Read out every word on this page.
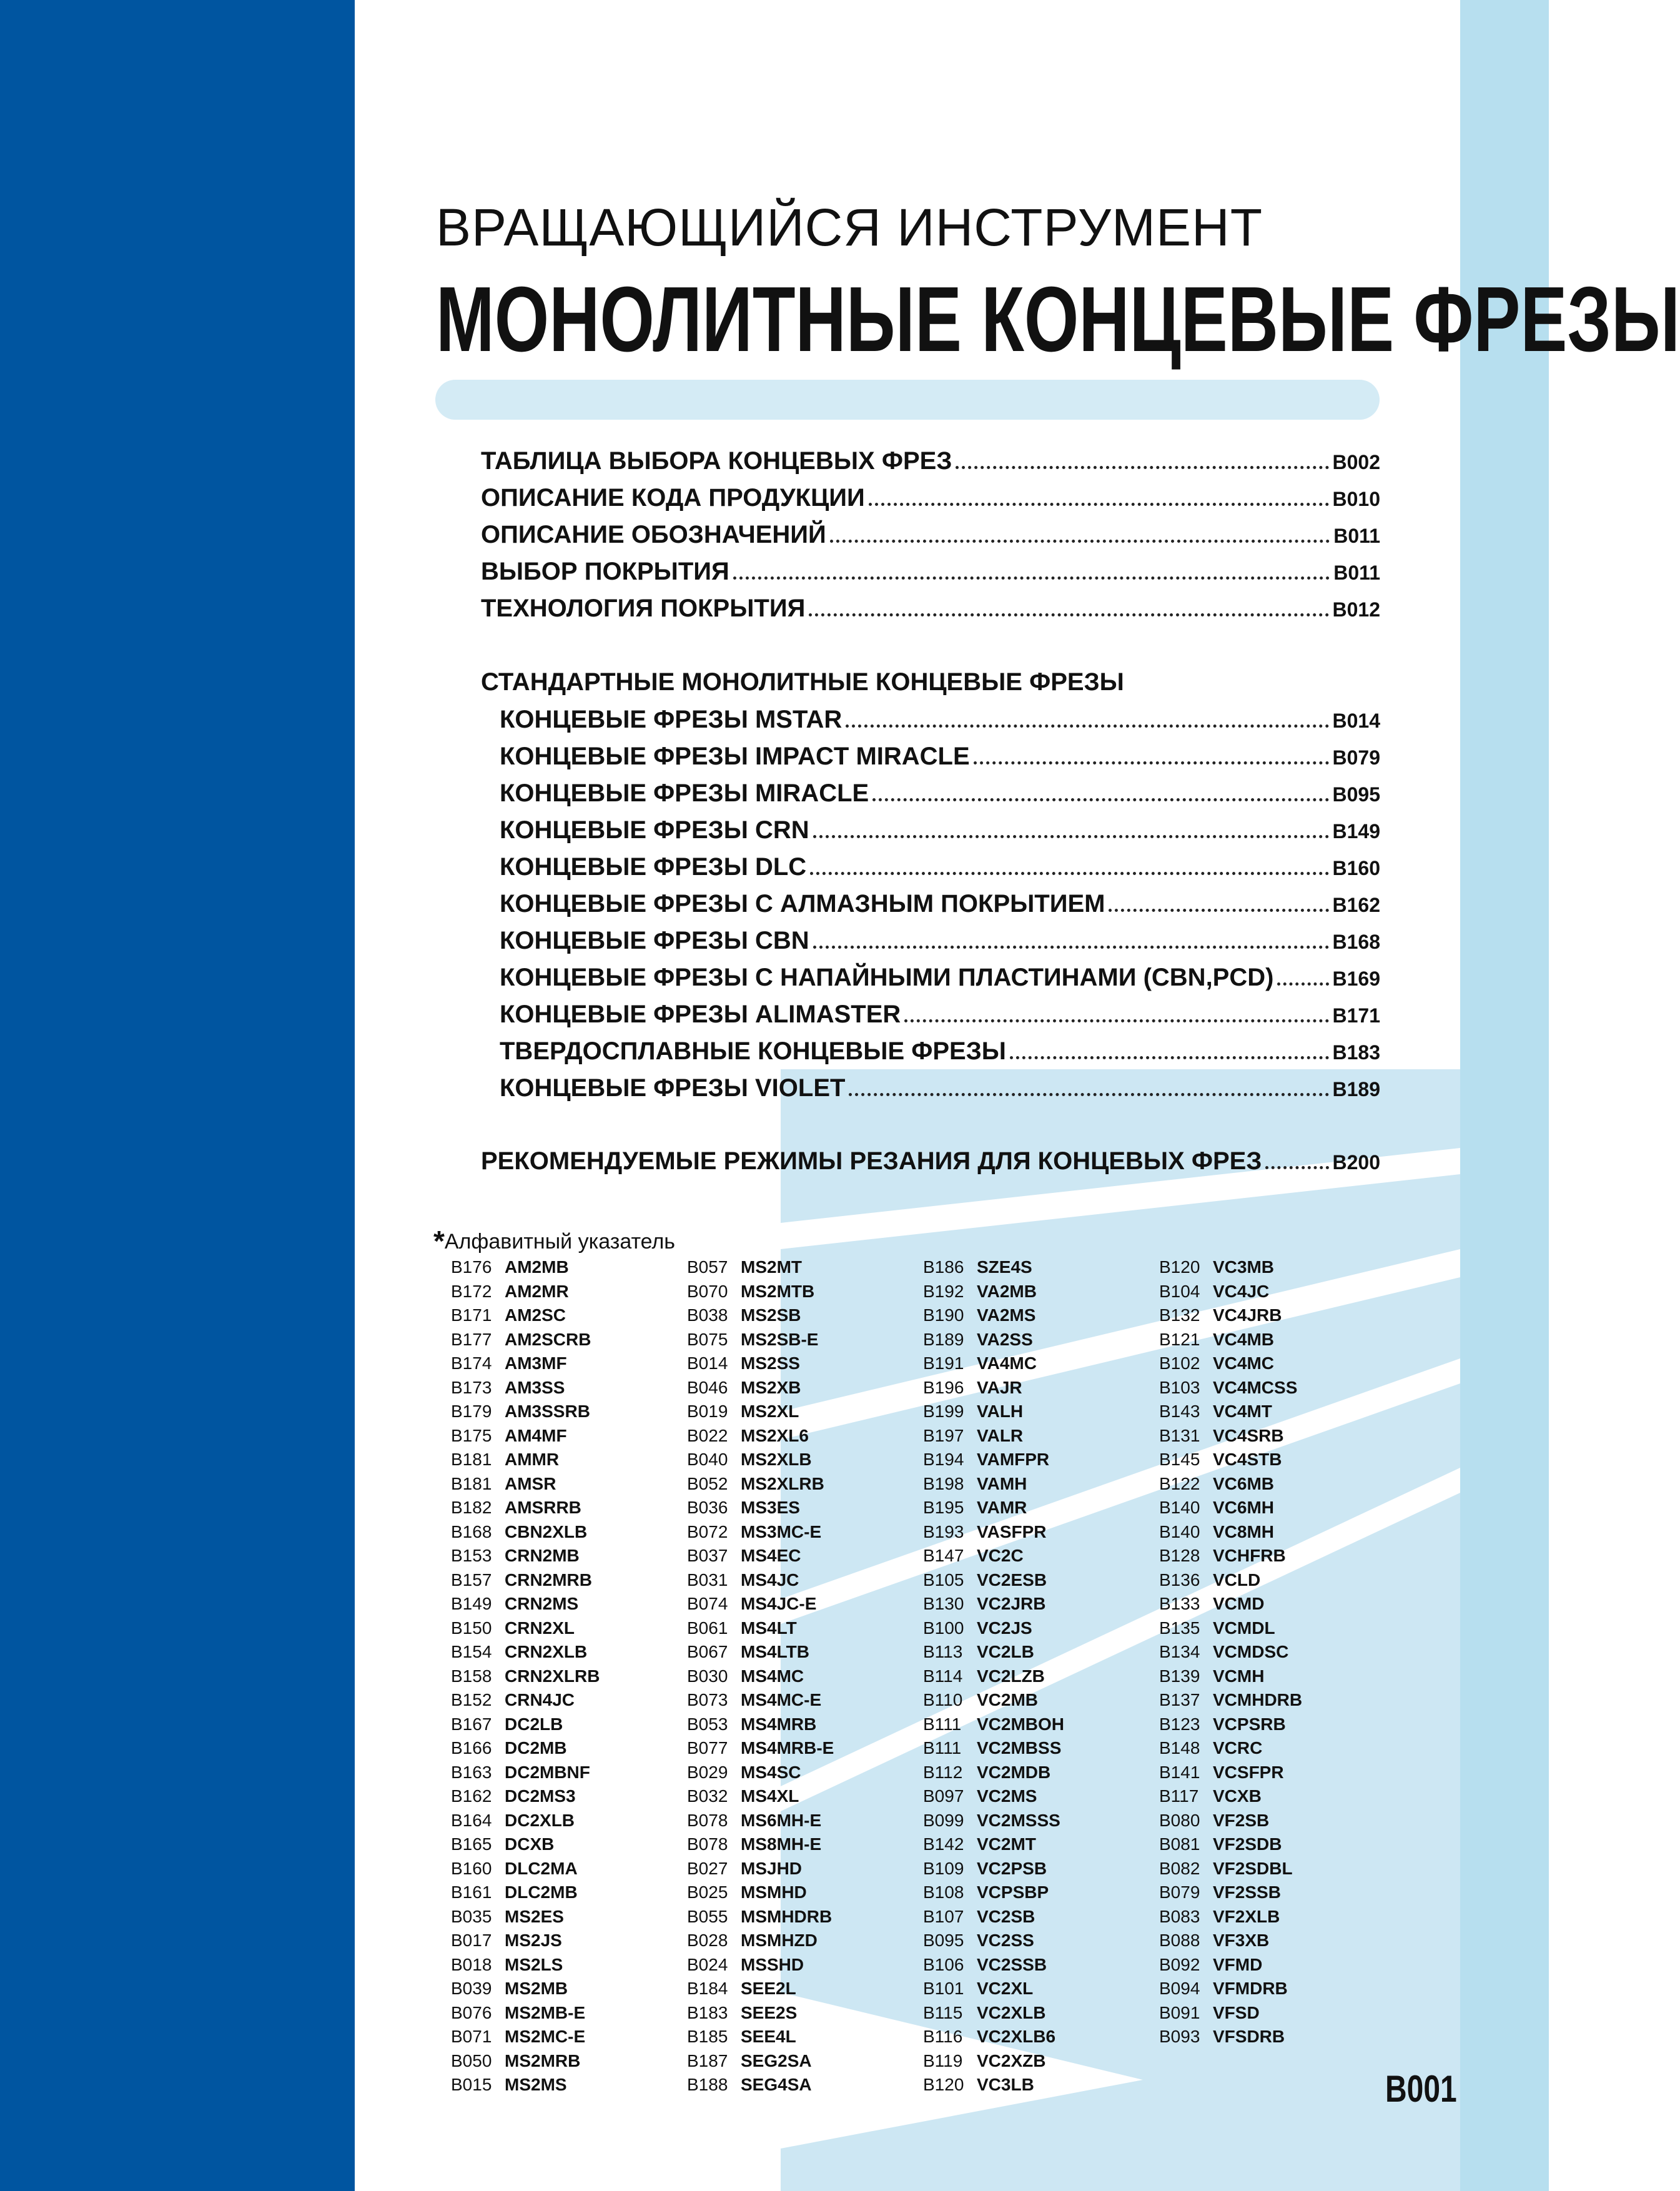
ВРАЩАЮЩИЙСЯ ИНСТРУМЕНТ
МОНОЛИТНЫЕ КОНЦЕВЫЕ ФРЕЗЫ
ТАБЛИЦА ВЫБОРА КОНЦЕВЫХ ФРЕЗ	B002
ОПИСАНИЕ КОДА ПРОДУКЦИИ	B010
ОПИСАНИЕ ОБОЗНАЧЕНИЙ	B011
ВЫБОР ПОКРЫТИЯ	B011
ТЕХНОЛОГИЯ ПОКРЫТИЯ	B012
СТАНДАРТНЫЕ МОНОЛИТНЫЕ КОНЦЕВЫЕ ФРЕЗЫ
КОНЦЕВЫЕ ФРЕЗЫ MSTAR	B014
КОНЦЕВЫЕ ФРЕЗЫ IMPACT MIRACLE	B079
КОНЦЕВЫЕ ФРЕЗЫ MIRACLE	B095
КОНЦЕВЫЕ ФРЕЗЫ CRN	B149
КОНЦЕВЫЕ ФРЕЗЫ DLC	B160
КОНЦЕВЫЕ ФРЕЗЫ С АЛМАЗНЫМ ПОКРЫТИЕМ	B162
КОНЦЕВЫЕ ФРЕЗЫ CBN	B168
КОНЦЕВЫЕ ФРЕЗЫ С НАПАЙНЫМИ ПЛАСТИНАМИ (CBN,PCD)	B169
КОНЦЕВЫЕ ФРЕЗЫ ALIMASTER	B171
ТВЕРДОСПЛАВНЫЕ КОНЦЕВЫЕ ФРЕЗЫ	B183
КОНЦЕВЫЕ ФРЕЗЫ VIOLET	B189
РЕКОМЕНДУЕМЫЕ РЕЖИМЫ РЕЗАНИЯ ДЛЯ КОНЦЕВЫХ ФРЕЗ	B200
*Алфавитный указатель
B176 AM2MB
B172 AM2MR
B171 AM2SC
B177 AM2SCRB
B174 AM3MF
B173 AM3SS
B179 AM3SSRB
B175 AM4MF
B181 AMMR
B181 AMSR
B182 AMSRRB
B168 CBN2XLB
B153 CRN2MB
B157 CRN2MRB
B149 CRN2MS
B150 CRN2XL
B154 CRN2XLB
B158 CRN2XLRB
B152 CRN4JC
B167 DC2LB
B166 DC2MB
B163 DC2MBNF
B162 DC2MS3
B164 DC2XLB
B165 DCXB
B160 DLC2MA
B161 DLC2MB
B035 MS2ES
B017 MS2JS
B018 MS2LS
B039 MS2MB
B076 MS2MB-E
B071 MS2MC-E
B050 MS2MRB
B015 MS2MS
B057 MS2MT
B070 MS2MTB
B038 MS2SB
B075 MS2SB-E
B014 MS2SS
B046 MS2XB
B019 MS2XL
B022 MS2XL6
B040 MS2XLB
B052 MS2XLRB
B036 MS3ES
B072 MS3MC-E
B037 MS4EC
B031 MS4JC
B074 MS4JC-E
B061 MS4LT
B067 MS4LTB
B030 MS4MC
B073 MS4MC-E
B053 MS4MRB
B077 MS4MRB-E
B029 MS4SC
B032 MS4XL
B078 MS6MH-E
B078 MS8MH-E
B027 MSJHD
B025 MSMHD
B055 MSMHDRB
B028 MSMHZD
B024 MSSHD
B184 SEE2L
B183 SEE2S
B185 SEE4L
B187 SEG2SA
B188 SEG4SA
B186 SZE4S
B192 VA2MB
B190 VA2MS
B189 VA2SS
B191 VA4MC
B196 VAJR
B199 VALH
B197 VALR
B194 VAMFPR
B198 VAMH
B195 VAMR
B193 VASFPR
B147 VC2C
B105 VC2ESB
B130 VC2JRB
B100 VC2JS
B113 VC2LB
B114 VC2LZB
B110 VC2MB
B111 VC2MBOH
B111 VC2MBSS
B112 VC2MDB
B097 VC2MS
B099 VC2MSSS
B142 VC2MT
B109 VC2PSB
B108 VCPSBP
B107 VC2SB
B095 VC2SS
B106 VC2SSB
B101 VC2XL
B115 VC2XLB
B116 VC2XLB6
B119 VC2XZB
B120 VC3LB
B120 VC3MB
B104 VC4JC
B132 VC4JRB
B121 VC4MB
B102 VC4MC
B103 VC4MCSS
B143 VC4MT
B131 VC4SRB
B145 VC4STB
B122 VC6MB
B140 VC6MH
B140 VC8MH
B128 VCHFRB
B136 VCLD
B133 VCMD
B135 VCMDL
B134 VCMDSC
B139 VCMH
B137 VCMHDRB
B123 VCPSRB
B148 VCRC
B141 VCSFPR
B117 VCXB
B080 VF2SB
B081 VF2SDB
B082 VF2SDBL
B079 VF2SSB
B083 VF2XLB
B088 VF3XB
B092 VFMD
B094 VFMDRB
B091 VFSD
B093 VFSDRB
B001
